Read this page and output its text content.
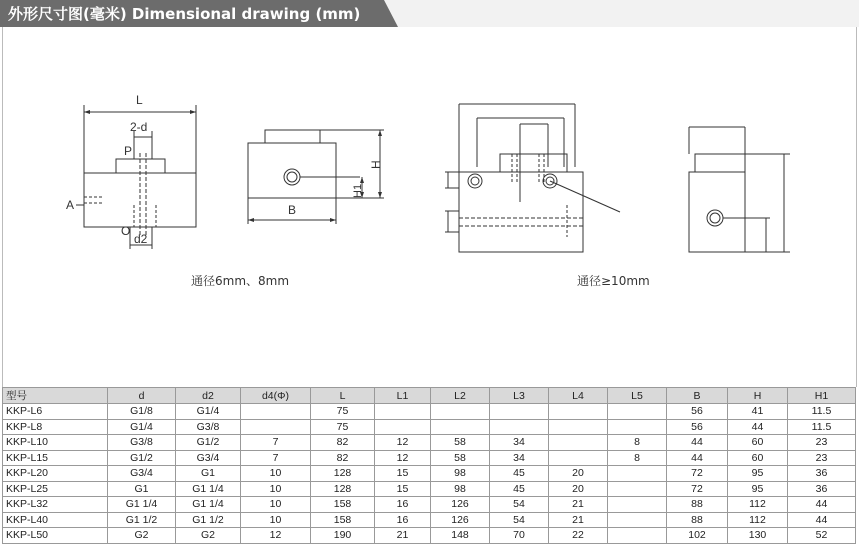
外形尺寸图(毫米) Dimensional drawing (mm)
L
2-d
P
A
O
d2
H
H1
B
通径6mm、8mm	通径≥10mm
型号	d	d2	d4(Φ)	L	L1	L2	L3	L4	L5	B	H	H1
KKP-L6	G1/8	G1/4		75						56	41	11.5
KKP-L8	G1/4	G3/8		75						56	44	11.5
KKP-L10	G3/8	G1/2	7	82	12	58	34		8	44	60	23
KKP-L15	G1/2	G3/4	7	82	12	58	34		8	44	60	23
KKP-L20	G3/4	G1	10	128	15	98	45	20		72	95	36
KKP-L25	G1	G1 1/4	10	128	15	98	45	20		72	95	36
KKP-L32	G1 1/4	G1 1/4	10	158	16	126	54	21		88	112	44
KKP-L40	G1 1/2	G1 1/2	10	158	16	126	54	21		88	112	44
KKP-L50	G2	G2	12	190	21	148	70	22		102	130	52
